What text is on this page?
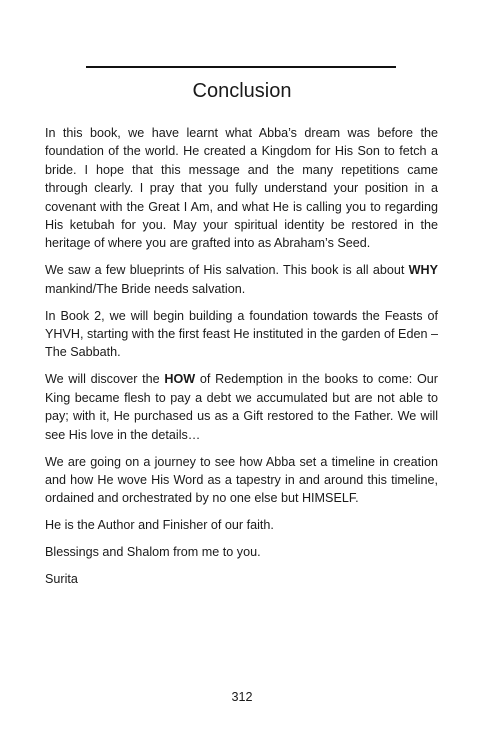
Conclusion

In this book, we have learnt what Abba’s dream was before the foundation of the world. He created a Kingdom for His Son to fetch a bride. I hope that this message and the many repetitions came through clearly. I pray that you fully understand your position in a covenant with the Great I Am, and what He is calling you to regarding His ketubah for you. May your spiritual identity be restored in the heritage of where you are grafted into as Abraham’s Seed.

We saw a few blueprints of His salvation. This book is all about WHY mankind/The Bride needs salvation.

In Book 2, we will begin building a foundation towards the Feasts of YHVH, starting with the first feast He instituted in the garden of Eden – The Sabbath.

We will discover the HOW of Redemption in the books to come: Our King became flesh to pay a debt we accumulated but are not able to pay; with it, He purchased us as a Gift restored to the Father. We will see His love in the details…

We are going on a journey to see how Abba set a timeline in creation and how He wove His Word as a tapestry in and around this timeline, ordained and orchestrated by no one else but HIMSELF.

He is the Author and Finisher of our faith.

Blessings and Shalom from me to you.

Surita

312
